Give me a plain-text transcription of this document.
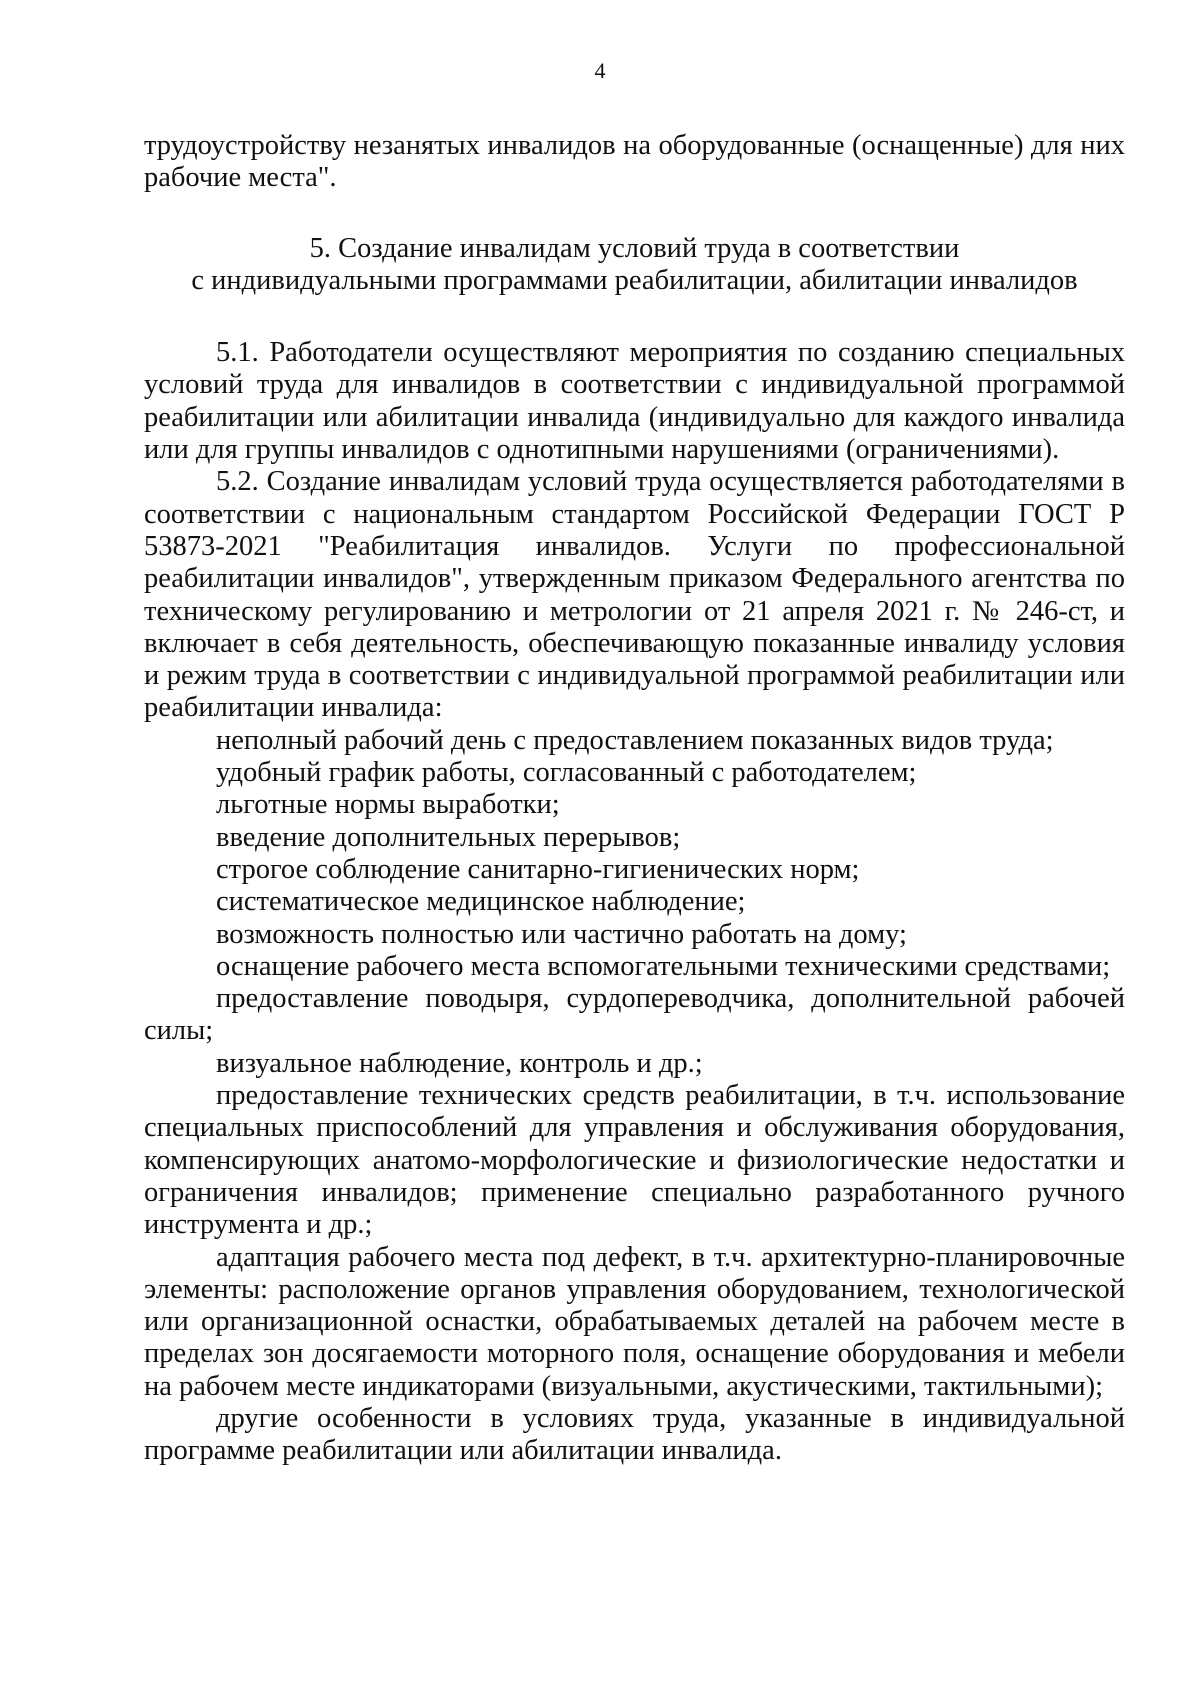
4

трудоустройству незанятых инвалидов на оборудованные (оснащенные) для них рабочие места".

5. Создание инвалидам условий труда в соответствии
с индивидуальными программами реабилитации, абилитации инвалидов

5.1. Работодатели осуществляют мероприятия по созданию специальных условий труда для инвалидов в соответствии с индивидуальной программой реабилитации или абилитации инвалида (индивидуально для каждого инвалида или для группы инвалидов с однотипными нарушениями (ограничениями).

5.2. Создание инвалидам условий труда осуществляется работодателями в соответствии с национальным стандартом Российской Федерации ГОСТ Р 53873-2021 "Реабилитация инвалидов. Услуги по профессиональной реабилитации инвалидов", утвержденным приказом Федерального агентства по техническому регулированию и метрологии от 21 апреля 2021 г. № 246-ст, и включает в себя деятельность, обеспечивающую показанные инвалиду условия и режим труда в соответствии с индивидуальной программой реабилитации или реабилитации инвалида:

неполный рабочий день с предоставлением показанных видов труда;

удобный график работы, согласованный с работодателем;

льготные нормы выработки;

введение дополнительных перерывов;

строгое соблюдение санитарно-гигиенических норм;

систематическое медицинское наблюдение;

возможность полностью или частично работать на дому;

оснащение рабочего места вспомогательными техническими средствами;

предоставление поводыря, сурдопереводчика, дополнительной рабочей силы;

визуальное наблюдение, контроль и др.;

предоставление технических средств реабилитации, в т.ч. использование специальных приспособлений для управления и обслуживания оборудования, компенсирующих анатомо-морфологические и физиологические недостатки и ограничения инвалидов; применение специально разработанного ручного инструмента и др.;

адаптация рабочего места под дефект, в т.ч. архитектурно-планировочные элементы: расположение органов управления оборудованием, технологической или организационной оснастки, обрабатываемых деталей на рабочем месте в пределах зон досягаемости моторного поля, оснащение оборудования и мебели на рабочем месте индикаторами (визуальными, акустическими, тактильными);

другие особенности в условиях труда, указанные в индивидуальной программе реабилитации или абилитации инвалида.
